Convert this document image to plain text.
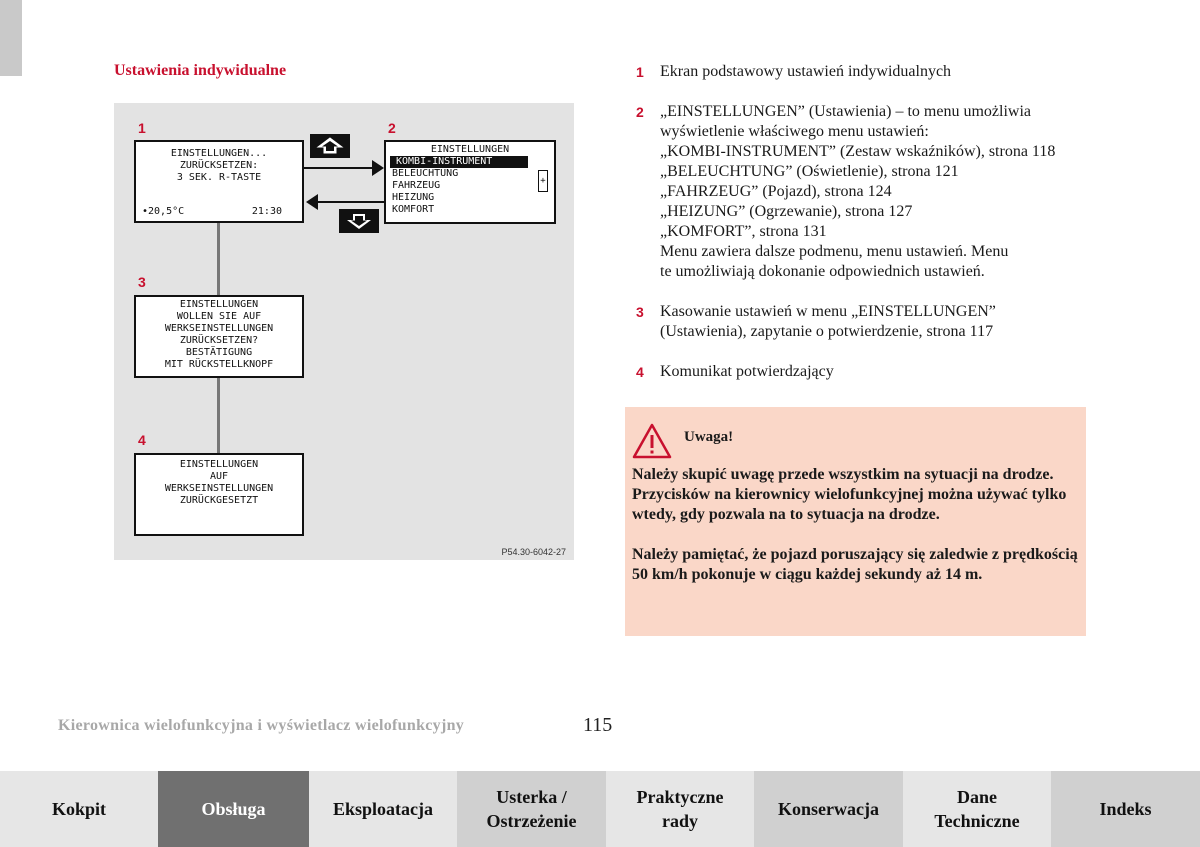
Ustawienia indywidualne
1
EINSTELLUNGEN...
ZURÜCKSETZEN:
3 SEK. R-TASTE
•20,5°C	21:30
2
EINSTELLUNGEN
KOMBI-INSTRUMENT
BELEUCHTUNG
FAHRZEUG
HEIZUNG
KOMFORT
+
3
EINSTELLUNGEN
WOLLEN SIE AUF
WERKSEINSTELLUNGEN
ZURÜCKSETZEN?
BESTÄTIGUNG
MIT RÜCKSTELLKNOPF
4
EINSTELLUNGEN
AUF
WERKSEINSTELLUNGEN
ZURÜCKGESETZT
P54.30-6042-27
1 Ekran podstawowy ustawień indywidualnych

2 „EINSTELLUNGEN” (Ustawienia) – to menu umożliwia

wyświetlenie właściwego menu ustawień:

„KOMBI-INSTRUMENT” (Zestaw wskaźników), strona 118

„BELEUCHTUNG” (Oświetlenie), strona 121

„FAHRZEUG” (Pojazd), strona 124

„HEIZUNG” (Ogrzewanie), strona 127

„KOMFORT”, strona 131

Menu zawiera dalsze podmenu, menu ustawień. Menu

te umożliwiają dokonanie odpowiednich ustawień.

3 Kasowanie ustawień w menu „EINSTELLUNGEN”

(Ustawienia), zapytanie o potwierdzenie, strona 117

4 Komunikat potwierdzający

Uwaga!

Należy skupić uwagę przede wszystkim na sytuacji na drodze. Przycisków na kierownicy wielofunkcyjnej można używać tylko wtedy, gdy pozwala na to sytuacja na drodze.

Należy pamiętać, że pojazd poruszający się zaledwie z prędkością 50 km/h pokonuje w ciągu każdej sekundy aż 14 m.

Kierownica wielofunkcyjna i wyświetlacz wielofunkcyjny	115
Kokpit	Obsługa	Eksploatacja
Usterka /
Ostrzeżenie
Praktyczne
rady
Konserwacja
Dane
Techniczne
Indeks
